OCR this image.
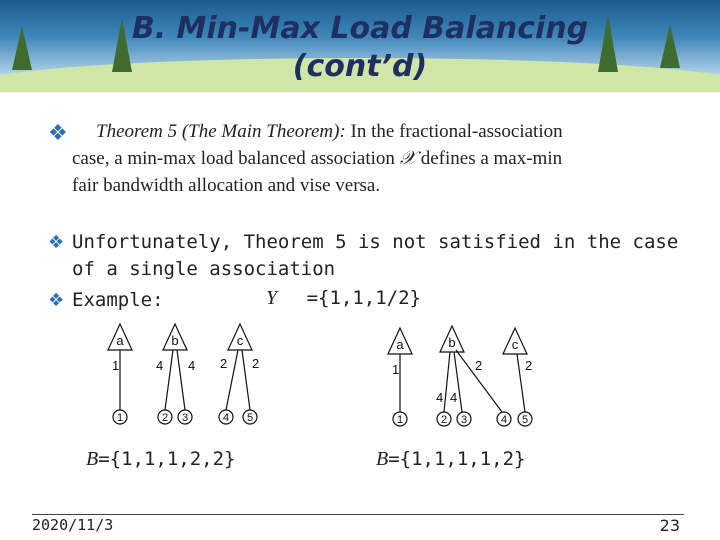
B. Min-Max Load Balancing
(cont’d)
❖	Theorem 5 (The Main Theorem): In the fractional-association
case, a min-max load balanced association 𝒳 defines a max-min
fair bandwidth allocation and vise versa.
❖ Unfortunately, Theorem 5 is not satisfied in the case
of a single association
❖ Example:	Y ={1,1,1/2}
a	b	c
1	4 4 2 2
1	2 3	4 5
a	b	c
1
4 4
2	2
1	2 3	4 5
B={1,1,1,2,2}	B={1,1,1,1,2}
2020/11/3	23
